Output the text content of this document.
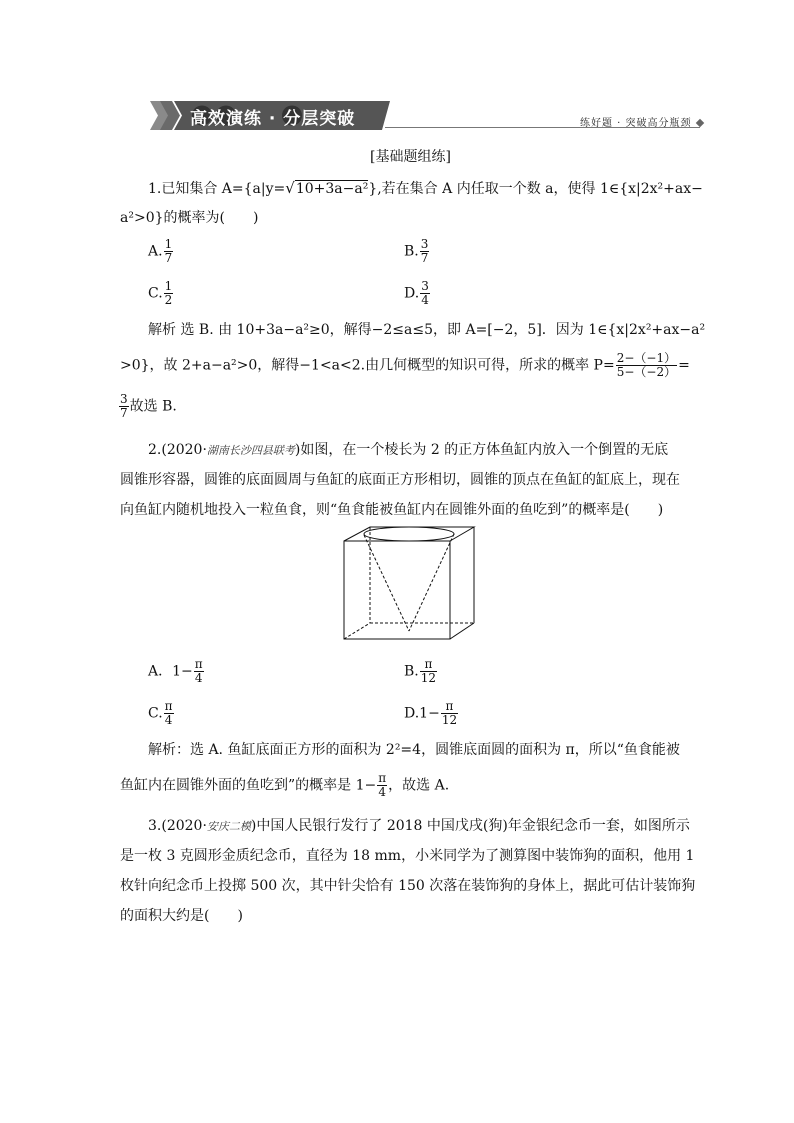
高效演练 · 分层突破	练好题 · 突破高分瓶颈
[基础题组练]
1.已知集合 A={a|y=√10+3a−a²},若在集合 A 内任取一个数 a，使得 1∈{x|2x²+ax−
a²>0}的概率为(　　)
A. $\frac{1}{7}$	B. $\frac{3}{7}$
C. $\frac{1}{2}$	D. $\frac{3}{4}$
解析 选 B. 由 10+3a−a²≥0，解得−2≤a≤5，即 A=[−2，5]．因为 1∈{x|2x²+ax−a²
>0}，故 2+a−a²>0，解得−1<a<2.由几何概型的知识可得，所求的概率 $P= \frac{2-(-1)}{5-(-2)}$ =
$\frac{3}{7}$ 故选 B.
2.(2020·湖南长沙四县联考)如图，在一个棱长为 2 的正方体鱼缸内放入一个倒置的无底
圆锥形容器，圆锥的底面圆周与鱼缸的底面正方形相切，圆锥的顶点在鱼缸的缸底上，现在
向鱼缸内随机地投入一粒鱼食，则“鱼食能被鱼缸内在圆锥外面的鱼吃到”的概率是(　　)
A．$1- \frac{\pi}{4}$	B. $\frac{\pi}{12}$
C. $\frac{\pi}{4}$	$D.1- \frac{\pi}{12}$
解析：选 A. 鱼缸底面正方形的面积为 2²=4，圆锥底面圆的面积为 π，所以“鱼食能被
鱼缸内在圆锥外面的鱼吃到”的概率是 $1- \frac{\pi}{4}$ ，故选 A.
3.(2020·安庆二模)中国人民银行发行了 2018 中国戊戌(狗)年金银纪念币一套，如图所示
是一枚 3 克圆形金质纪念币，直径为 18 mm，小米同学为了测算图中装饰狗的面积，他用 1
枚针向纪念币上投掷 500 次，其中针尖恰有 150 次落在装饰狗的身体上，据此可估计装饰狗
的面积大约是(　　)
